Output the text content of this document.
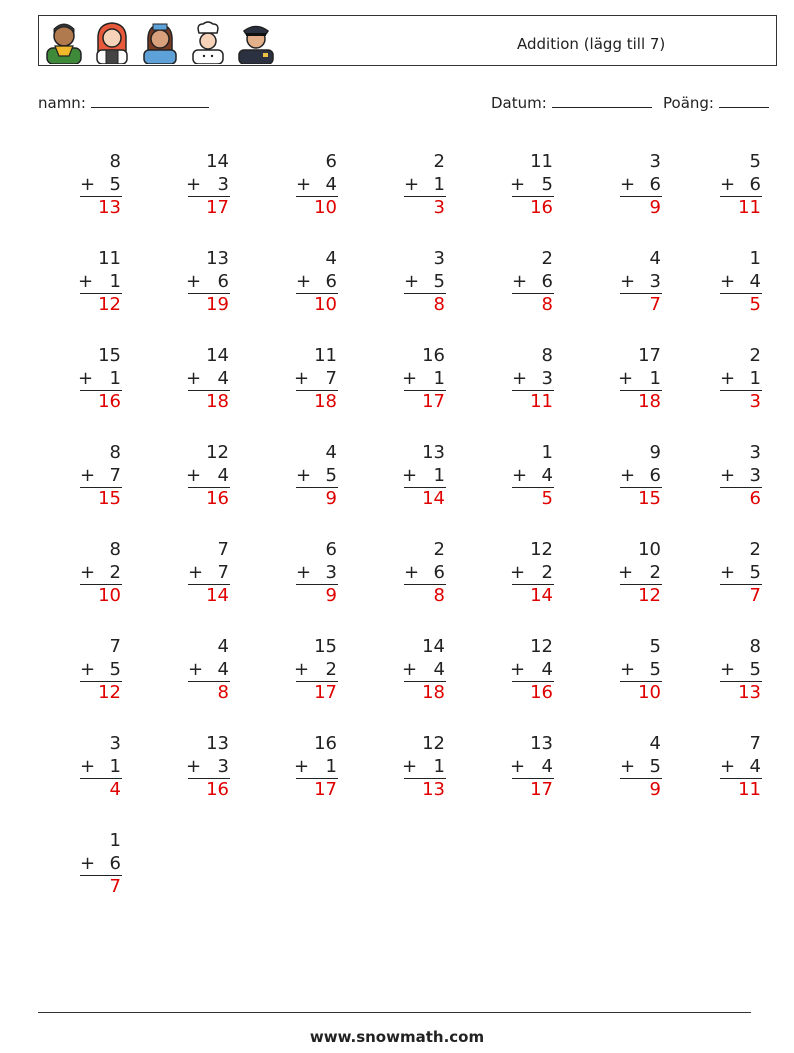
Addition (lägg till 7)
namn:	Datum:	Poäng:
8
+ 5
13
14
+ 3
17
6
+ 4
10
2
+ 1
3
11
+ 5
16
3
+ 6
9
5
+ 6
11
11
+ 1
12
13
+ 6
19
4
+ 6
10
3
+ 5
8
2
+ 6
8
4
+ 3
7
1
+ 4
5
15
+ 1
16
14
+ 4
18
11
+ 7
18
16
+ 1
17
8
+ 3
11
17
+ 1
18
2
+ 1
3
8
+ 7
15
12
+ 4
16
4
+ 5
9
13
+ 1
14
1
+ 4
5
9
+ 6
15
3
+ 3
6
8
+ 2
10
7
+ 7
14
6
+ 3
9
2
+ 6
8
12
+ 2
14
10
+ 2
12
2
+ 5
7
7
+ 5
12
4
+ 4
8
15
+ 2
17
14
+ 4
18
12
+ 4
16
5
+ 5
10
8
+ 5
13
3
+ 1
4
13
+ 3
16
16
+ 1
17
12
+ 1
13
13
+ 4
17
4
+ 5
9
7
+ 4
11
1
+ 6
7
www.snowmath.com
